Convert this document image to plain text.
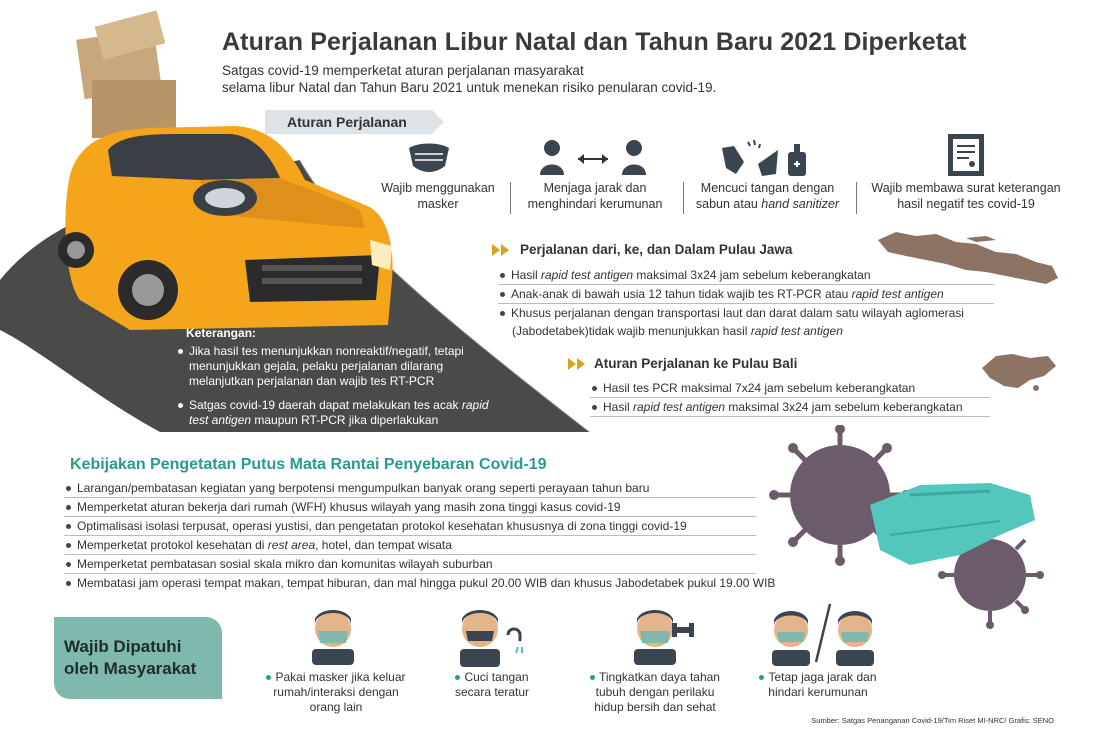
Aturan Perjalanan Libur Natal dan Tahun Baru 2021 Diperketat
Satgas covid-19 memperketat aturan perjalanan masyarakat
selama libur Natal dan Tahun Baru 2021 untuk menekan risiko penularan covid-19.
Aturan Perjalanan
Wajib menggunakan
masker
Menjaga jarak dan
menghindari kerumunan
Mencuci tangan dengan
sabun atau hand sanitizer
Wajib membawa surat keterangan
hasil negatif tes covid-19
Perjalanan dari, ke, dan Dalam Pulau Jawa
Hasil rapid test antigen maksimal 3x24 jam sebelum keberangkatan
Anak-anak di bawah usia 12 tahun tidak wajib tes RT-PCR atau rapid test antigen
Khusus perjalanan dengan transportasi laut dan darat dalam satu wilayah aglomerasi
(Jabodetabek)tidak wajib menunjukkan hasil rapid test antigen
Aturan Perjalanan ke Pulau Bali
Hasil tes PCR maksimal 7x24 jam sebelum keberangkatan
Hasil rapid test antigen maksimal 3x24 jam sebelum keberangkatan
Keterangan:
Jika hasil tes menunjukkan nonreaktif/negatif, tetapi menunjukkan gejala, pelaku perjalanan dilarang melanjutkan perjalanan dan wajib tes RT-PCR
Satgas covid-19 daerah dapat melakukan tes acak rapid test antigen maupun RT-PCR jika diperlakukan
Kebijakan Pengetatan Putus Mata Rantai Penyebaran Covid-19
Larangan/pembatasan kegiatan yang berpotensi mengumpulkan banyak orang seperti perayaan tahun baru
Memperketat aturan bekerja dari rumah (WFH) khusus wilayah yang masih zona tinggi kasus covid-19
Optimalisasi isolasi terpusat, operasi yustisi, dan pengetatan protokol kesehatan khususnya di zona tinggi covid-19
Memperketat protokol kesehatan di rest area, hotel, dan tempat wisata
Memperketat pembatasan sosial skala mikro dan komunitas wilayah suburban
Membatasi jam operasi tempat makan, tempat hiburan, dan mal hingga pukul 20.00 WIB dan khusus Jabodetabek pukul 19.00 WIB
Wajib Dipatuhi
oleh Masyarakat	Pakai masker jika keluar
rumah/interaksi dengan
orang lain
Cuci tangan
secara teratur
Tingkatkan daya tahan
tubuh dengan perilaku
hidup bersih dan sehat
Tetap jaga jarak dan
hindari kerumunan
Sumber: Satgas Penanganan Covid-19/Tim Riset MI-NRC/ Grafis: SENO
